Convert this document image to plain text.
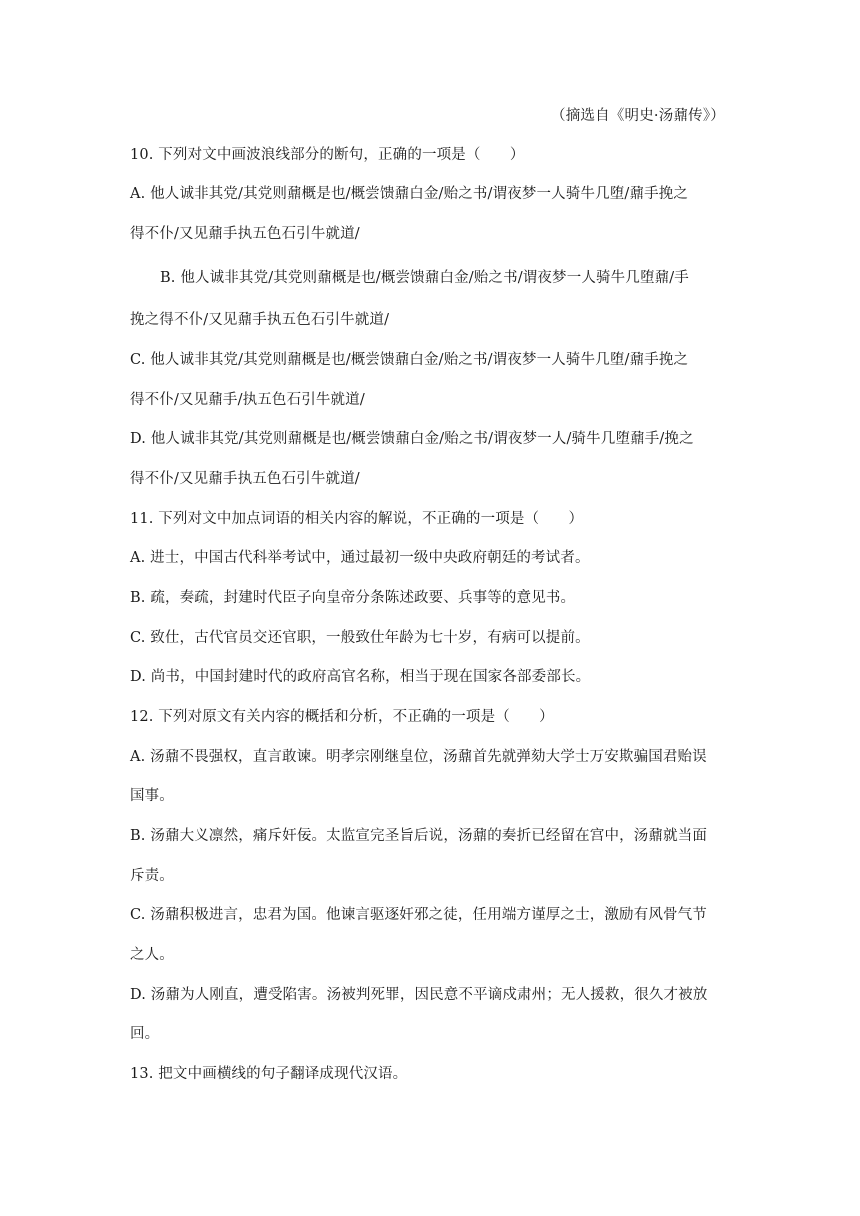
（摘选自《明史·汤鼐传》）
10. 下列对文中画波浪线部分的断句，正确的一项是（　　）
A. 他人诚非其党/其党则鼐概是也/概尝馈鼐白金/贻之书/谓夜梦一人骑牛几堕/鼐手挽之
得不仆/又见鼐手执五色石引牛就道/
B. 他人诚非其党/其党则鼐概是也/概尝馈鼐白金/贻之书/谓夜梦一人骑牛几堕鼐/手
挽之得不仆/又见鼐手执五色石引牛就道/
C. 他人诚非其党/其党则鼐概是也/概尝馈鼐白金/贻之书/谓夜梦一人骑牛几堕/鼐手挽之
得不仆/又见鼐手/执五色石引牛就道/
D. 他人诚非其党/其党则鼐概是也/概尝馈鼐白金/贻之书/谓夜梦一人/骑牛几堕鼐手/挽之
得不仆/又见鼐手执五色石引牛就道/
11. 下列对文中加点词语的相关内容的解说，不正确的一项是（　　）
A. 进士，中国古代科举考试中，通过最初一级中央政府朝廷的考试者。
B. 疏，奏疏，封建时代臣子向皇帝分条陈述政要、兵事等的意见书。
C. 致仕，古代官员交还官职，一般致仕年龄为七十岁，有病可以提前。
D. 尚书，中国封建时代的政府高官名称，相当于现在国家各部委部长。
12. 下列对原文有关内容的概括和分析，不正确的一项是（　　）
A. 汤鼐不畏强权，直言敢谏。明孝宗刚继皇位，汤鼐首先就弹劾大学士万安欺骗国君贻误
国事。
B. 汤鼐大义凛然，痛斥奸佞。太监宣完圣旨后说，汤鼐的奏折已经留在宫中，汤鼐就当面
斥责。
C. 汤鼐积极进言，忠君为国。他谏言驱逐奸邪之徒，任用端方谨厚之士，激励有风骨气节
之人。
D. 汤鼐为人刚直，遭受陷害。汤被判死罪，因民意不平谪戍肃州；无人援救，很久才被放
回。
13. 把文中画横线的句子翻译成现代汉语。
